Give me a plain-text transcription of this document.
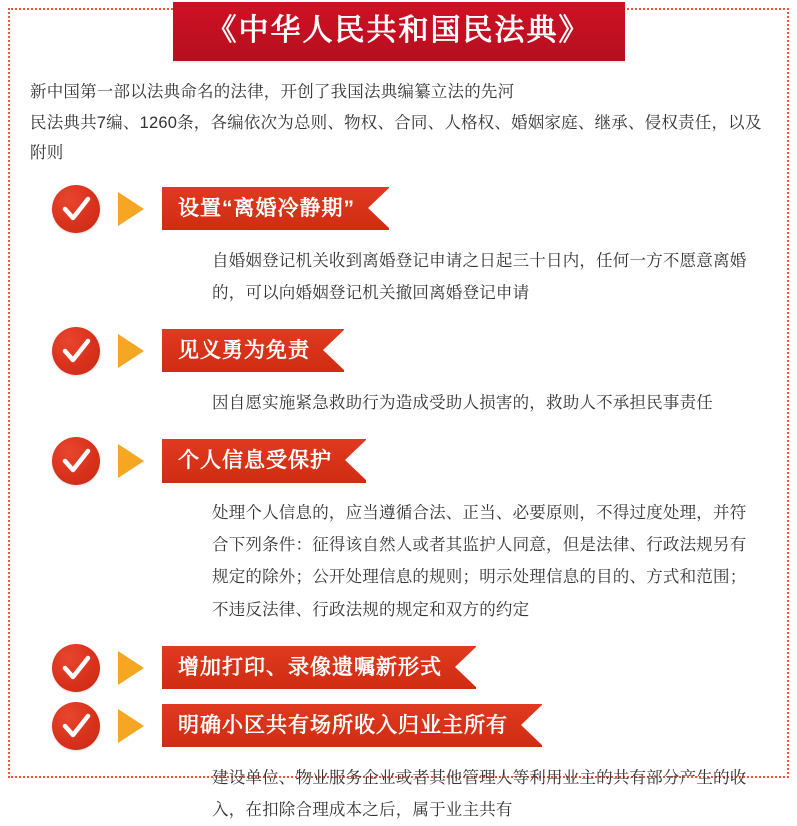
《中华人民共和国民法典》
新中国第一部以法典命名的法律，开创了我国法典编纂立法的先河
民法典共7编、1260条，各编依次为总则、物权、合同、人格权、婚姻家庭、继承、侵权责任，以及附则
设置“离婚冷静期”
自婚姻登记机关收到离婚登记申请之日起三十日内，任何一方不愿意离婚的，可以向婚姻登记机关撤回离婚登记申请
见义勇为免责
因自愿实施紧急救助行为造成受助人损害的，救助人不承担民事责任
个人信息受保护
处理个人信息的，应当遵循合法、正当、必要原则，不得过度处理，并符合下列条件：征得该自然人或者其监护人同意，但是法律、行政法规另有规定的除外；公开处理信息的规则；明示处理信息的目的、方式和范围；不违反法律、行政法规的规定和双方的约定
增加打印、录像遗嘱新形式
明确小区共有场所收入归业主所有
建设单位、物业服务企业或者其他管理人等利用业主的共有部分产生的收入，在扣除合理成本之后，属于业主共有
